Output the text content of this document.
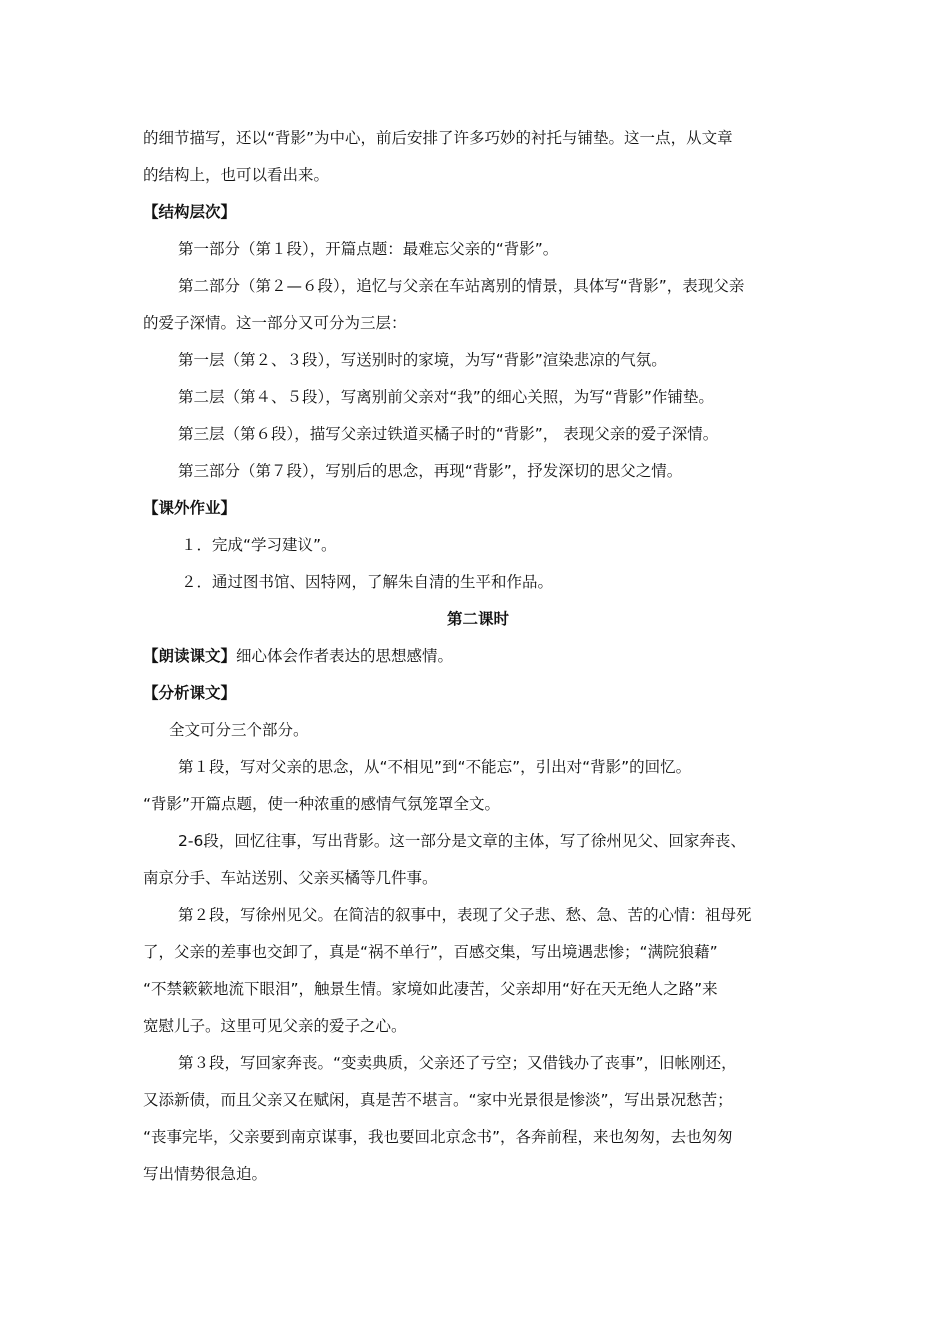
的细节描写，还以“背影”为中心，前后安排了许多巧妙的衬托与铺垫。这一点，从文章
的结构上，也可以看出来。
【结构层次】
第一部分（第１段），开篇点题：最难忘父亲的“背影”。
第二部分（第２—６段），追忆与父亲在车站离别的情景，具体写“背影”，表现父亲
的爱子深情。这一部分又可分为三层：
第一层（第２、３段），写送别时的家境，为写“背影”渲染悲凉的气氛。
第二层（第４、５段），写离别前父亲对“我”的细心关照，为写“背影”作铺垫。
第三层（第６段），描写父亲过铁道买橘子时的“背影”， 表现父亲的爱子深情。
第三部分（第７段），写别后的思念，再现“背影”，抒发深切的思父之情。
【课外作业】
１．完成“学习建议”。
２．通过图书馆、因特网，了解朱自清的生平和作品。
第二课时
【朗读课文】细心体会作者表达的思想感情。
【分析课文】
全文可分三个部分。
第１段，写对父亲的思念，从“不相见”到“不能忘”，引出对“背影”的回忆。
“背影”开篇点题，使一种浓重的感情气氛笼罩全文。
2-6段，回忆往事，写出背影。这一部分是文章的主体，写了徐州见父、回家奔丧、
南京分手、车站送别、父亲买橘等几件事。
第２段，写徐州见父。在简洁的叙事中，表现了父子悲、愁、急、苦的心情：祖母死
了，父亲的差事也交卸了，真是“祸不单行”，百感交集，写出境遇悲惨；“满院狼藉”
“不禁簌簌地流下眼泪”，触景生情。家境如此凄苦，父亲却用“好在天无绝人之路”来
宽慰儿子。这里可见父亲的爱子之心。
第３段，写回家奔丧。“变卖典质，父亲还了亏空；又借钱办了丧事”，旧帐刚还，
又添新债，而且父亲又在赋闲，真是苦不堪言。“家中光景很是惨淡”，写出景况愁苦；
“丧事完毕，父亲要到南京谋事，我也要回北京念书”，各奔前程，来也匆匆，去也匆匆
写出情势很急迫。
